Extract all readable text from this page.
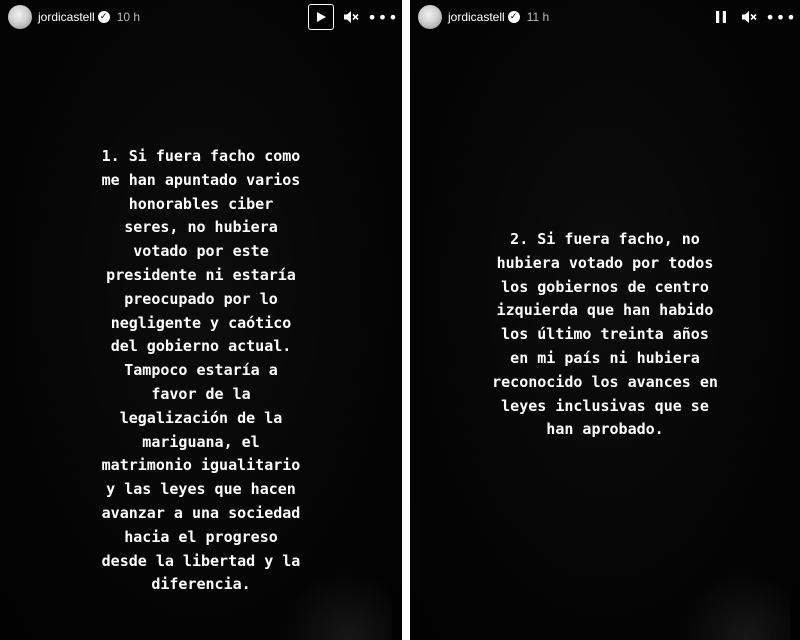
jordicastell ✓ 10 h	•••

1. Si fuera facho como
me han apuntado varios
honorables ciber
seres, no hubiera
votado por este
presidente ni estaría
preocupado por lo
negligente y caótico
del gobierno actual.
Tampoco estaría a
favor de la
legalización de la
mariguana, el
matrimonio igualitario
y las leyes que hacen
avanzar a una sociedad
hacia el progreso
desde la libertad y la
diferencia.

jordicastell ✓ 11 h	•••

2. Si fuera facho, no
hubiera votado por todos
los gobiernos de centro
izquierda que han habido
los último treinta años
en mi país ni hubiera
reconocido los avances en
leyes inclusivas que se
han aprobado.
